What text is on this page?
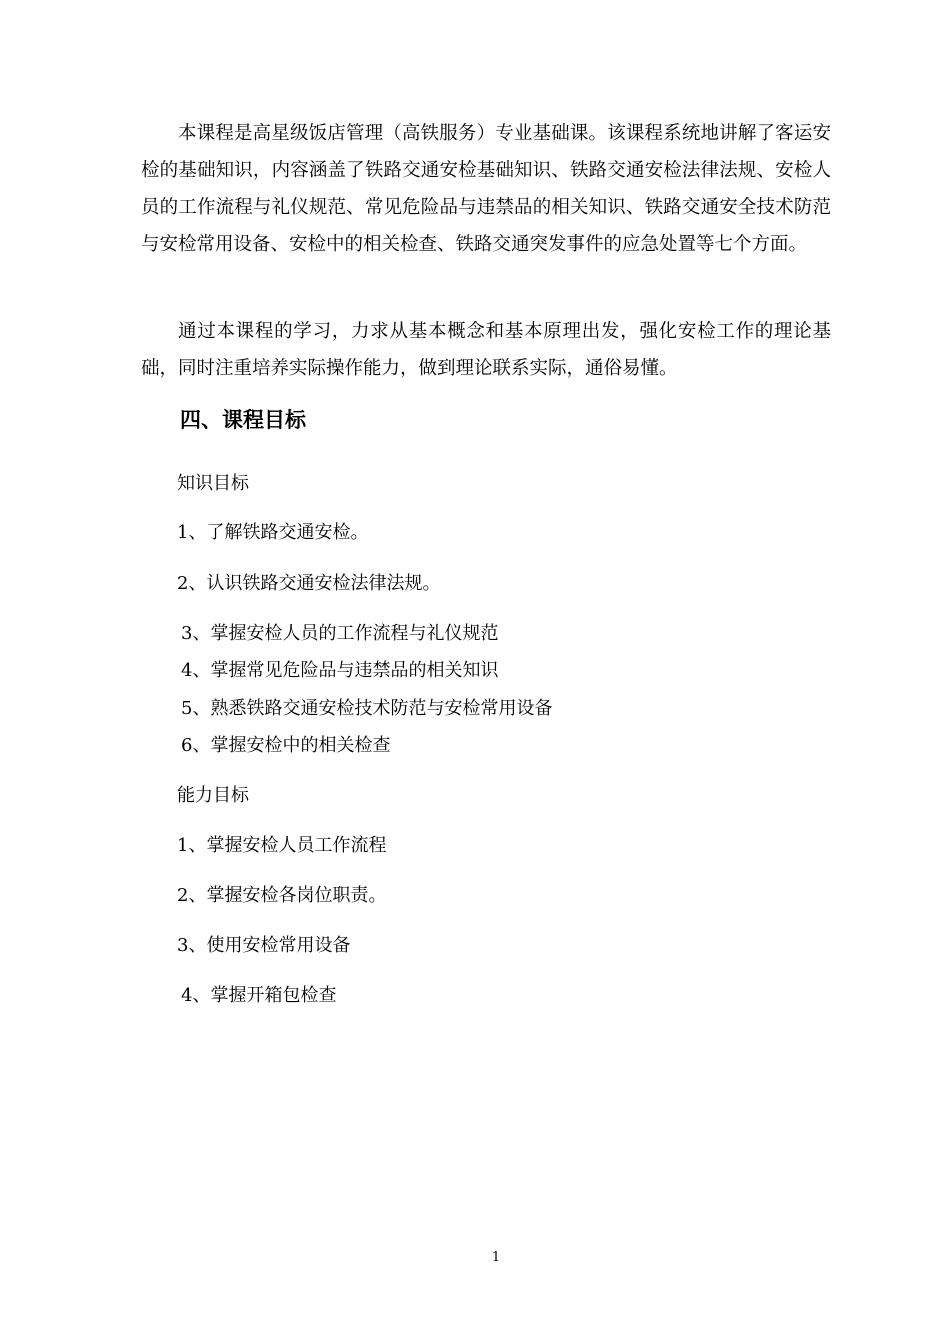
本课程是高星级饭店管理（高铁服务）专业基础课。该课程系统地讲解了客运安检的基础知识，内容涵盖了铁路交通安检基础知识、铁路交通安检法律法规、安检人员的工作流程与礼仪规范、常见危险品与违禁品的相关知识、铁路交通安全技术防范与安检常用设备、安检中的相关检查、铁路交通突发事件的应急处置等七个方面。

通过本课程的学习，力求从基本概念和基本原理出发，强化安检工作的理论基础，同时注重培养实际操作能力，做到理论联系实际，通俗易懂。

四、课程目标
知识目标
1、了解铁路交通安检。
2、认识铁路交通安检法律法规。
3、掌握安检人员的工作流程与礼仪规范
4、掌握常见危险品与违禁品的相关知识
5、熟悉铁路交通安检技术防范与安检常用设备
6、掌握安检中的相关检查
能力目标
1、掌握安检人员工作流程
2、掌握安检各岗位职责。
3、使用安检常用设备
4、掌握开箱包检查
1
